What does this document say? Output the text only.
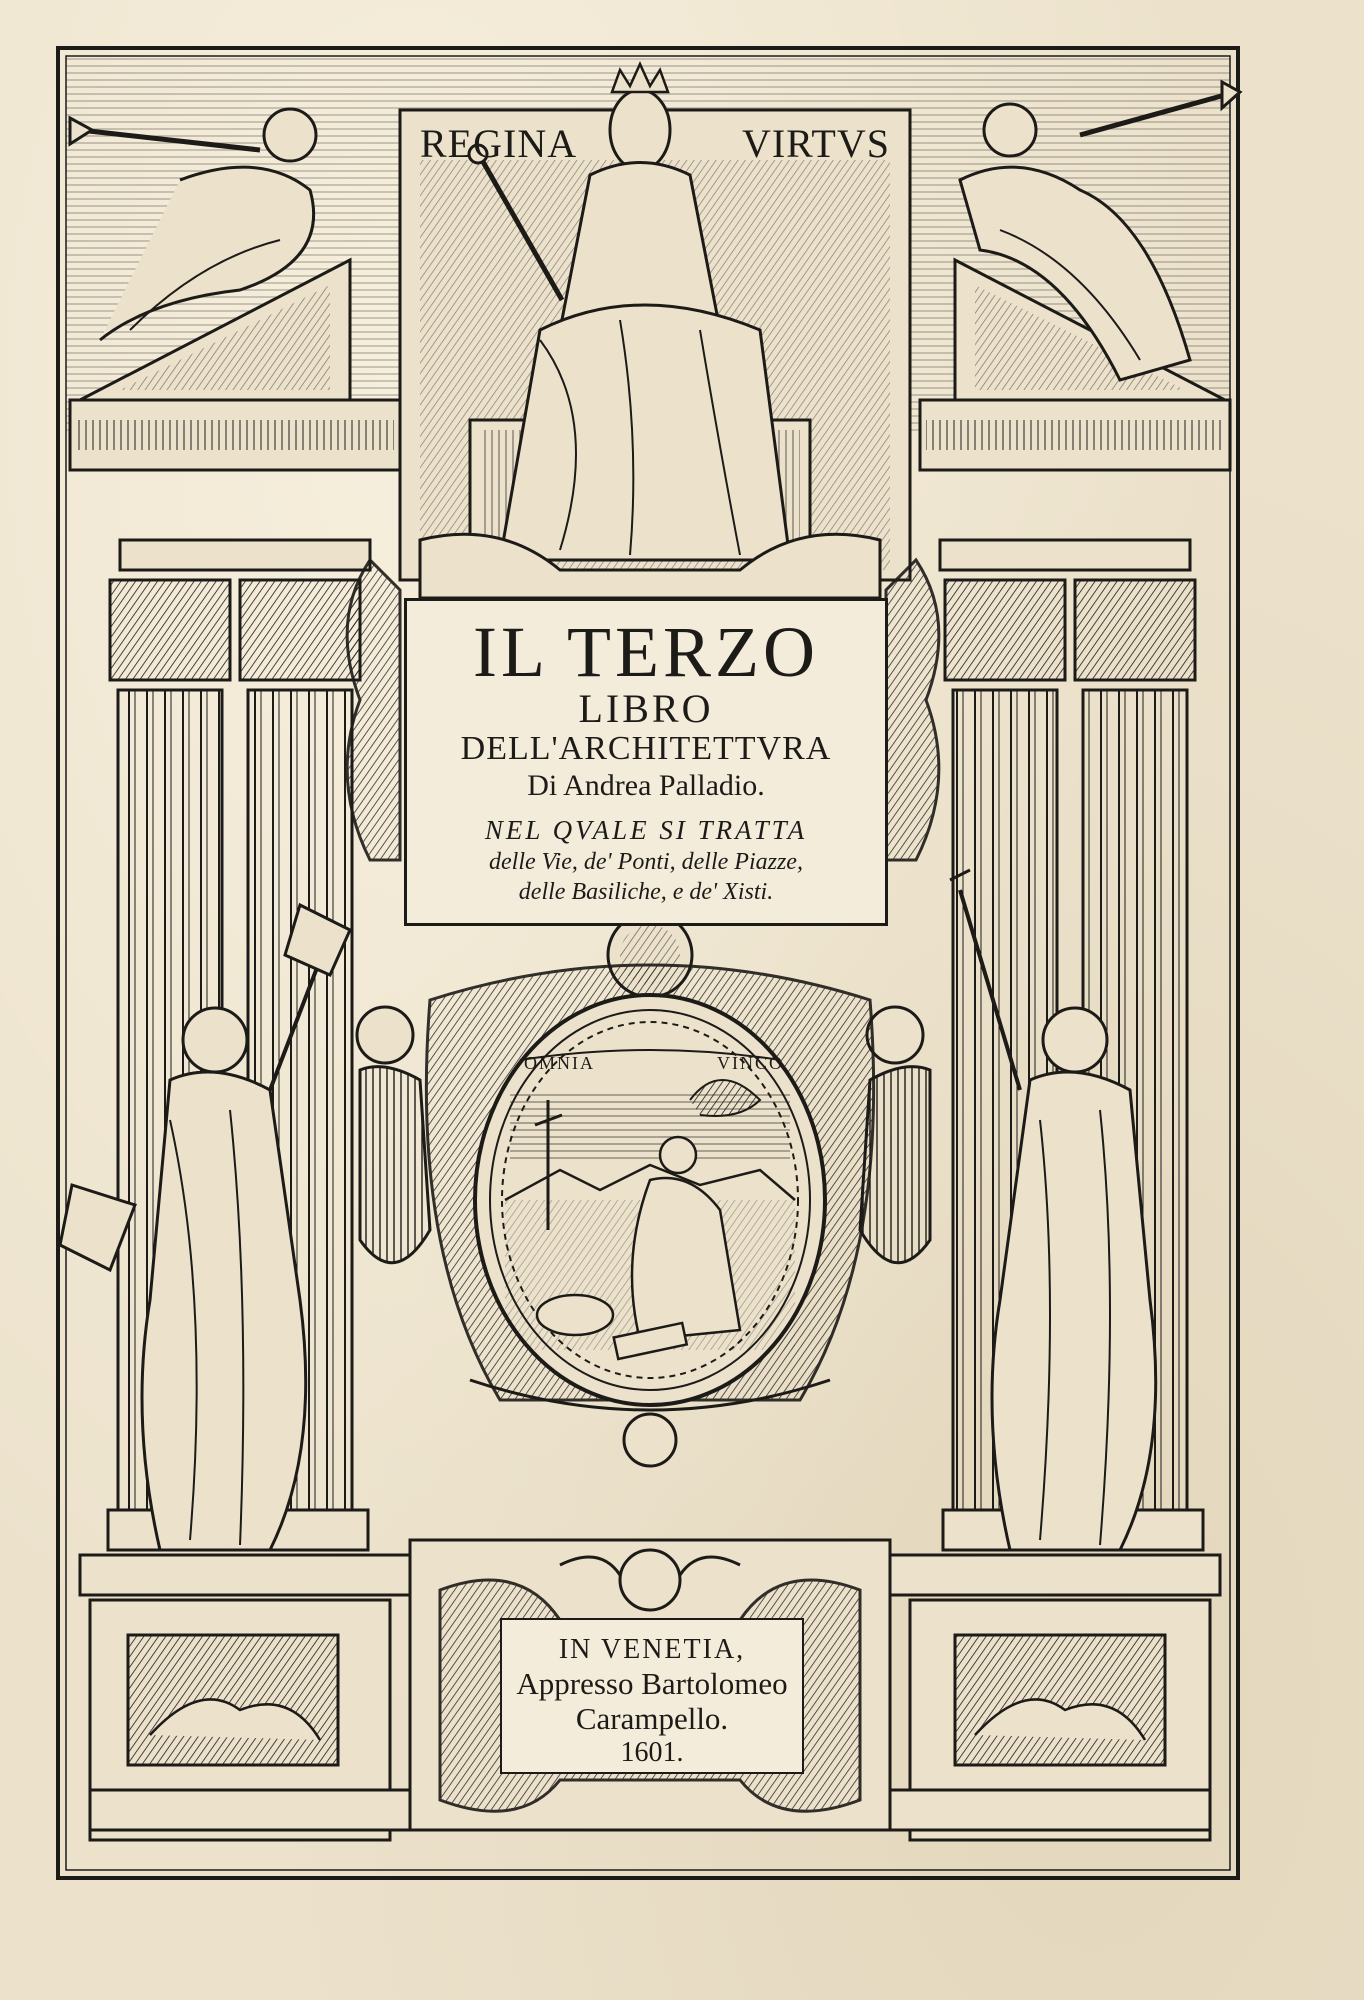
REGINA	VIRTVS
IL TERZO
LIBRO
DELL'ARCHITETTVRA
Di Andrea Palladio.
NEL QVALE SI TRATTA
delle Vie, de' Ponti, delle Piazze,
delle Basiliche, e de' Xisti.
OMNIA	VINCO
IN VENETIA,
Appresso Bartolomeo
Carampello.
1601.
